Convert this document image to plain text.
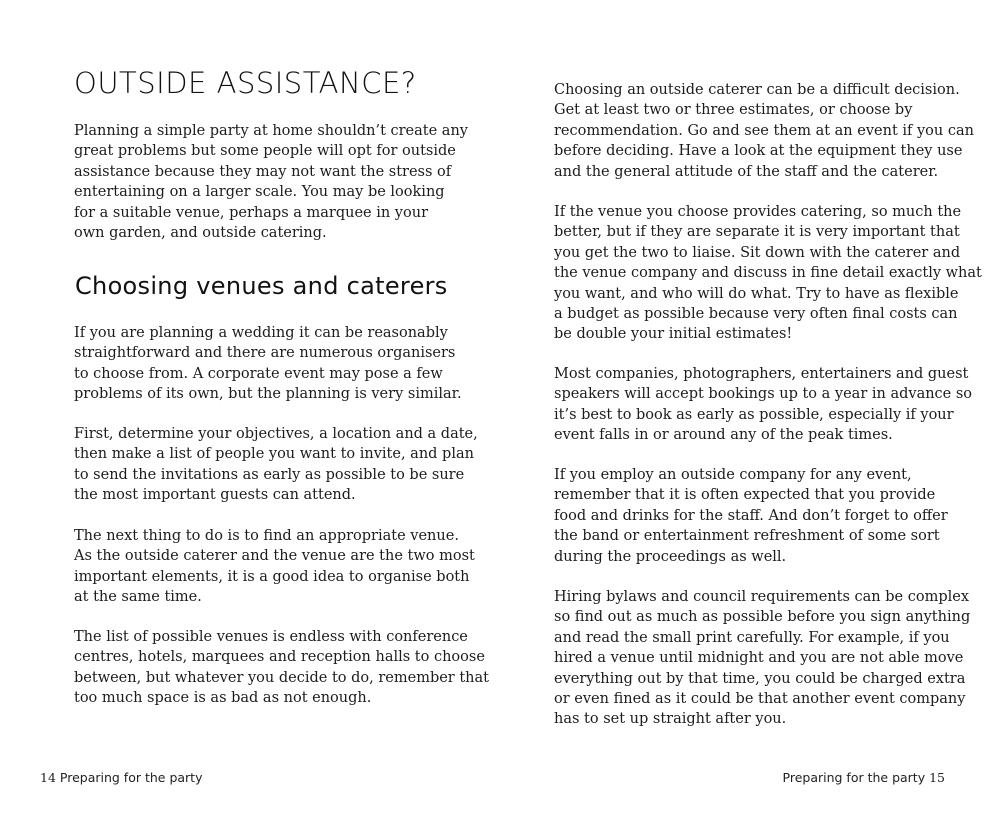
OUTSIDE ASSISTANCE?
Planning a simple party at home shouldn’t create any
great problems but some people will opt for outside
assistance because they may not want the stress of
entertaining on a larger scale. You may be looking
for a suitable venue, perhaps a marquee in your
own garden, and outside catering.
Choosing venues and caterers
If you are planning a wedding it can be reasonably
straightforward and there are numerous organisers
to choose from. A corporate event may pose a few
problems of its own, but the planning is very similar.
First, determine your objectives, a location and a date,
then make a list of people you want to invite, and plan
to send the invitations as early as possible to be sure
the most important guests can attend.
The next thing to do is to find an appropriate venue.
As the outside caterer and the venue are the two most
important elements, it is a good idea to organise both
at the same time.
The list of possible venues is endless with conference
centres, hotels, marquees and reception halls to choose
between, but whatever you decide to do, remember that
too much space is as bad as not enough.
14 Preparing for the party
Choosing an outside caterer can be a difficult decision.
Get at least two or three estimates, or choose by
recommendation. Go and see them at an event if you can
before deciding. Have a look at the equipment they use
and the general attitude of the staff and the caterer.
If the venue you choose provides catering, so much the
better, but if they are separate it is very important that
you get the two to liaise. Sit down with the caterer and
the venue company and discuss in fine detail exactly what
you want, and who will do what. Try to have as flexible
a budget as possible because very often final costs can
be double your initial estimates!
Most companies, photographers, entertainers and guest
speakers will accept bookings up to a year in advance so
it’s best to book as early as possible, especially if your
event falls in or around any of the peak times.
If you employ an outside company for any event,
remember that it is often expected that you provide
food and drinks for the staff. And don’t forget to offer
the band or entertainment refreshment of some sort
during the proceedings as well.
Hiring bylaws and council requirements can be complex
so find out as much as possible before you sign anything
and read the small print carefully. For example, if you
hired a venue until midnight and you are not able move
everything out by that time, you could be charged extra
or even fined as it could be that another event company
has to set up straight after you.
Preparing for the party 15
